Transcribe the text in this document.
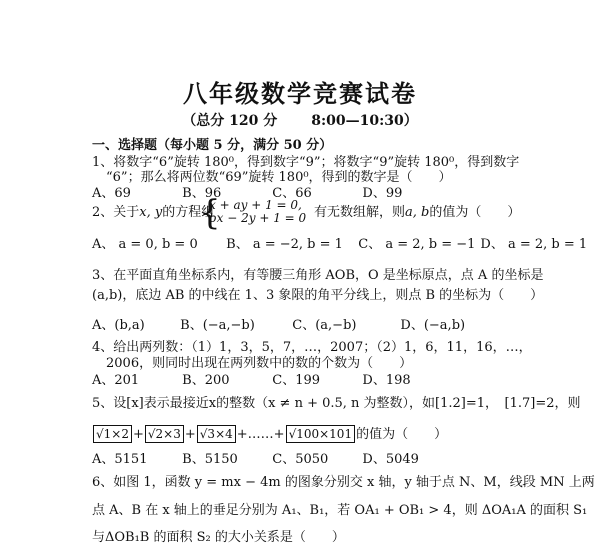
八年级数学竞赛试卷
（总分 120 分 8:00—10:30）
一、选择题（每小题 5 分，满分 50 分）
1、将数字“6”旋转 180⁰，得到数字“9”；将数字“9”旋转 180⁰，得到数字
“6”；那么将两位数“69”旋转 180⁰，得到的数字是（　　）
A、69	B、96	C、66	D、99
2、关于x, y的方程组
{
x + ay + 1 = 0,
bx − 2y + 1 = 0 有无数组解，则a, b的值为（　　）
A、 a = 0, b = 0 B、 a = −2, b = 1 C、 a = 2, b = −1 D、 a = 2, b = 1
3、在平面直角坐标系内，有等腰三角形 AOB，O 是坐标原点，点 A 的坐标是
(a,b)，底边 AB 的中线在 1、3 象限的角平分线上，则点 B 的坐标为（　　）
A、(b,a)	B、(−a,−b)	C、(a,−b)	D、(−a,b)
4、给出两列数：（1）1，3，5，7，…，2007；（2）1，6，11，16，…，
2006，则同时出现在两列数中的数的个数为（　　）
A、201	B、200	C、199	D、198
5、设[x]表示最接近x的整数（x ≠ n + 0.5, n 为整数），如[1.2]=1，　[1.7]=2，则
√1×2 + √2×3 + √3×4 +……+ √100×101 的值为（　　）
A、5151	B、5150	C、5050	D、5049
6、如图 1，函数 y = mx − 4m 的图象分别交 x 轴，y 轴于点 N、M，线段 MN 上两
点 A、B 在 x 轴上的垂足分别为 A₁、B₁，若 OA₁ + OB₁ > 4，则 ΔOA₁A 的面积 S₁
与ΔOB₁B 的面积 S₂ 的大小关系是（　　）
